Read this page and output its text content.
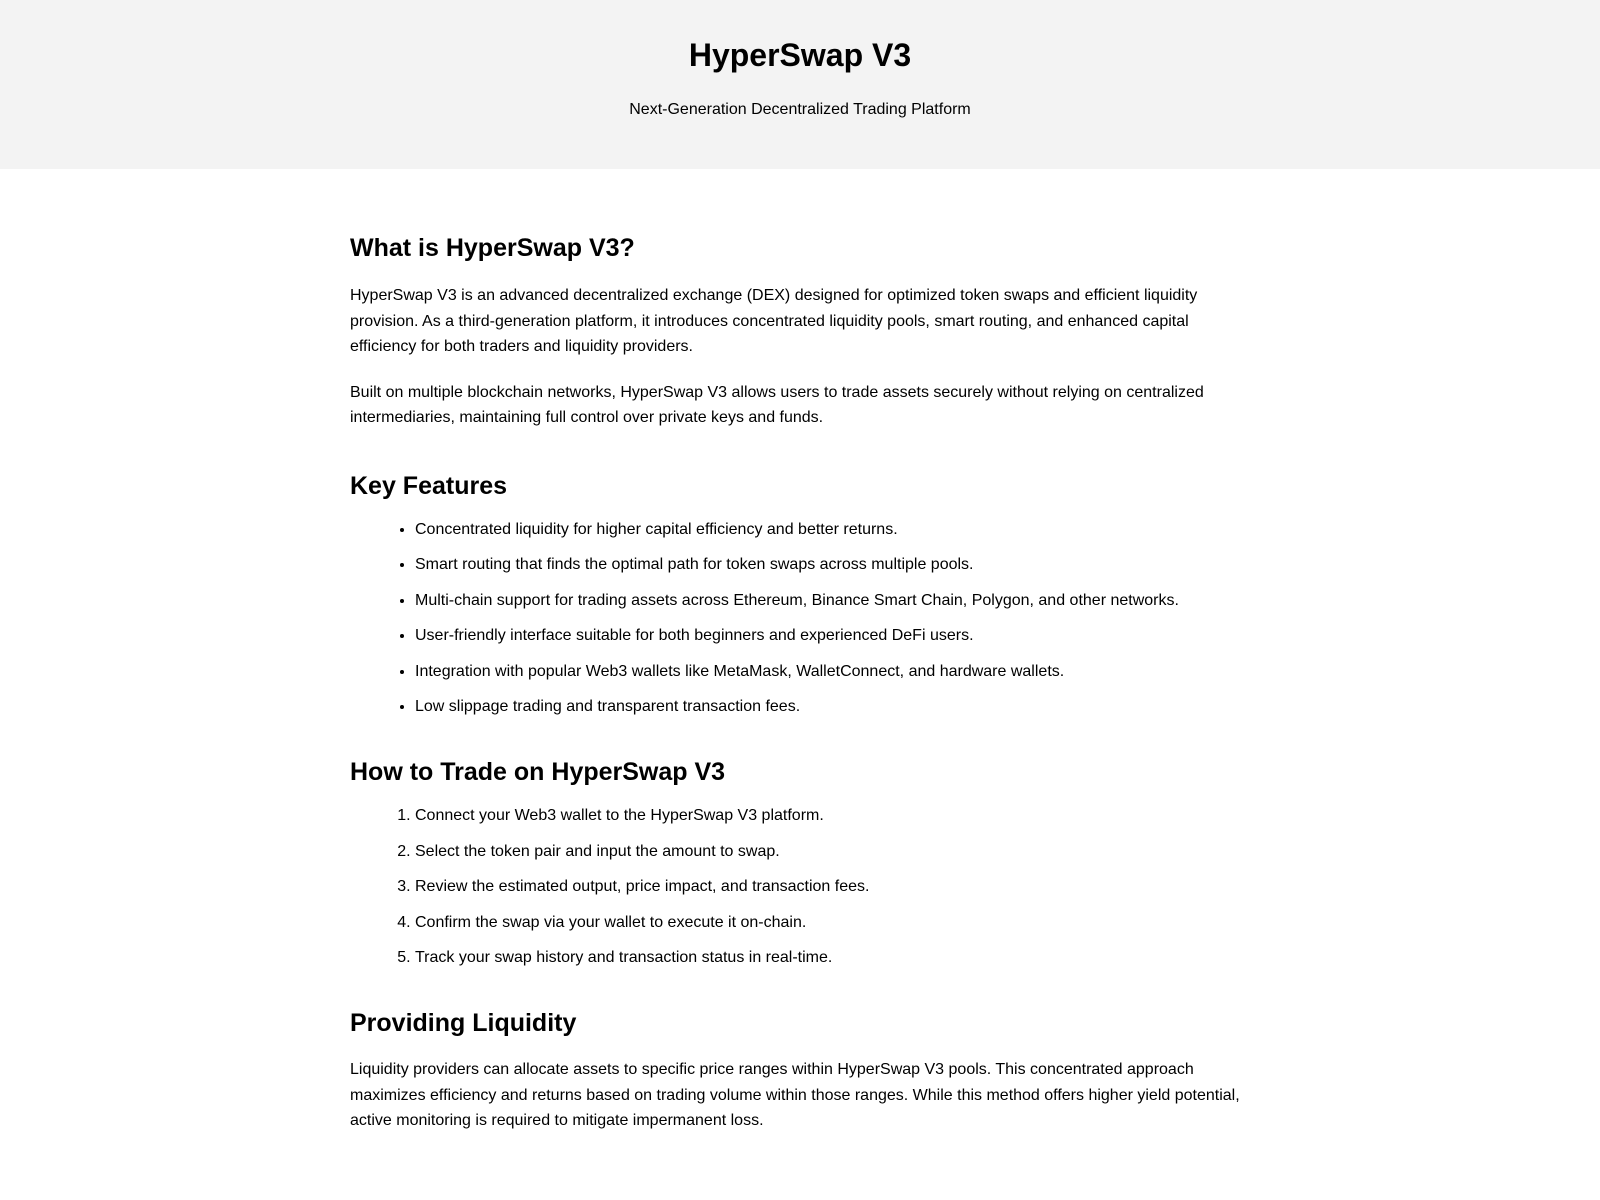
HyperSwap V3

Next-Generation Decentralized Trading Platform

What is HyperSwap V3?

HyperSwap V3 is an advanced decentralized exchange (DEX) designed for optimized token swaps and efficient liquidity provision. As a third-generation platform, it introduces concentrated liquidity pools, smart routing, and enhanced capital efficiency for both traders and liquidity providers.

Built on multiple blockchain networks, HyperSwap V3 allows users to trade assets securely without relying on centralized intermediaries, maintaining full control over private keys and funds.

Key Features
• Concentrated liquidity for higher capital efficiency and better returns.
• Smart routing that finds the optimal path for token swaps across multiple pools.
• Multi-chain support for trading assets across Ethereum, Binance Smart Chain, Polygon, and other networks.
• User-friendly interface suitable for both beginners and experienced DeFi users.
• Integration with popular Web3 wallets like MetaMask, WalletConnect, and hardware wallets.
• Low slippage trading and transparent transaction fees.
How to Trade on HyperSwap V3
1. Connect your Web3 wallet to the HyperSwap V3 platform.
2. Select the token pair and input the amount to swap.
3. Review the estimated output, price impact, and transaction fees.
4. Confirm the swap via your wallet to execute it on-chain.
5. Track your swap history and transaction status in real-time.
Providing Liquidity

Liquidity providers can allocate assets to specific price ranges within HyperSwap V3 pools. This concentrated approach maximizes efficiency and returns based on trading volume within those ranges. While this method offers higher yield potential, active monitoring is required to mitigate impermanent loss.
